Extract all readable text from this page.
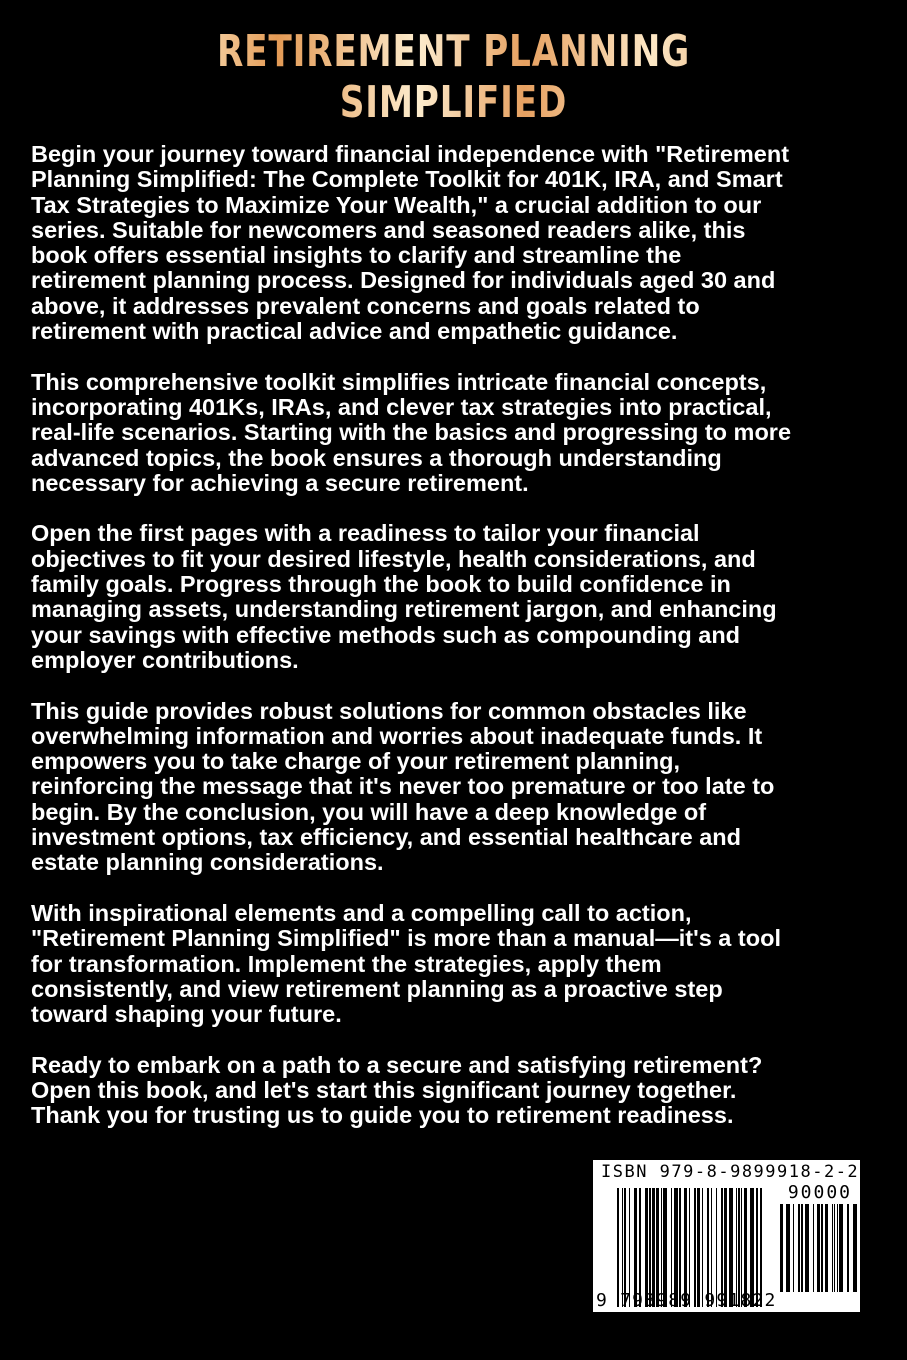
RETIREMENT PLANNING SIMPLIFIED
Begin your journey toward financial independence with "Retirement
Planning Simplified: The Complete Toolkit for 401K, IRA, and Smart
Tax Strategies to Maximize Your Wealth," a crucial addition to our
series. Suitable for newcomers and seasoned readers alike, this
book offers essential insights to clarify and streamline the
retirement planning process. Designed for individuals aged 30 and
above, it addresses prevalent concerns and goals related to
retirement with practical advice and empathetic guidance.
This comprehensive toolkit simplifies intricate financial concepts,
incorporating 401Ks, IRAs, and clever tax strategies into practical,
real-life scenarios. Starting with the basics and progressing to more
advanced topics, the book ensures a thorough understanding
necessary for achieving a secure retirement.
Open the first pages with a readiness to tailor your financial
objectives to fit your desired lifestyle, health considerations, and
family goals. Progress through the book to build confidence in
managing assets, understanding retirement jargon, and enhancing
your savings with effective methods such as compounding and
employer contributions.
This guide provides robust solutions for common obstacles like
overwhelming information and worries about inadequate funds. It
empowers you to take charge of your retirement planning,
reinforcing the message that it's never too premature or too late to
begin. By the conclusion, you will have a deep knowledge of
investment options, tax efficiency, and essential healthcare and
estate planning considerations.
With inspirational elements and a compelling call to action,
"Retirement Planning Simplified" is more than a manual—it's a tool
for transformation. Implement the strategies, apply them
consistently, and view retirement planning as a proactive step
toward shaping your future.
Ready to embark on a path to a secure and satisfying retirement?
Open this book, and let's start this significant journey together.
Thank you for trusting us to guide you to retirement readiness.
ISBN 979-8-9899918-2-2
90000
9 798989 991822
